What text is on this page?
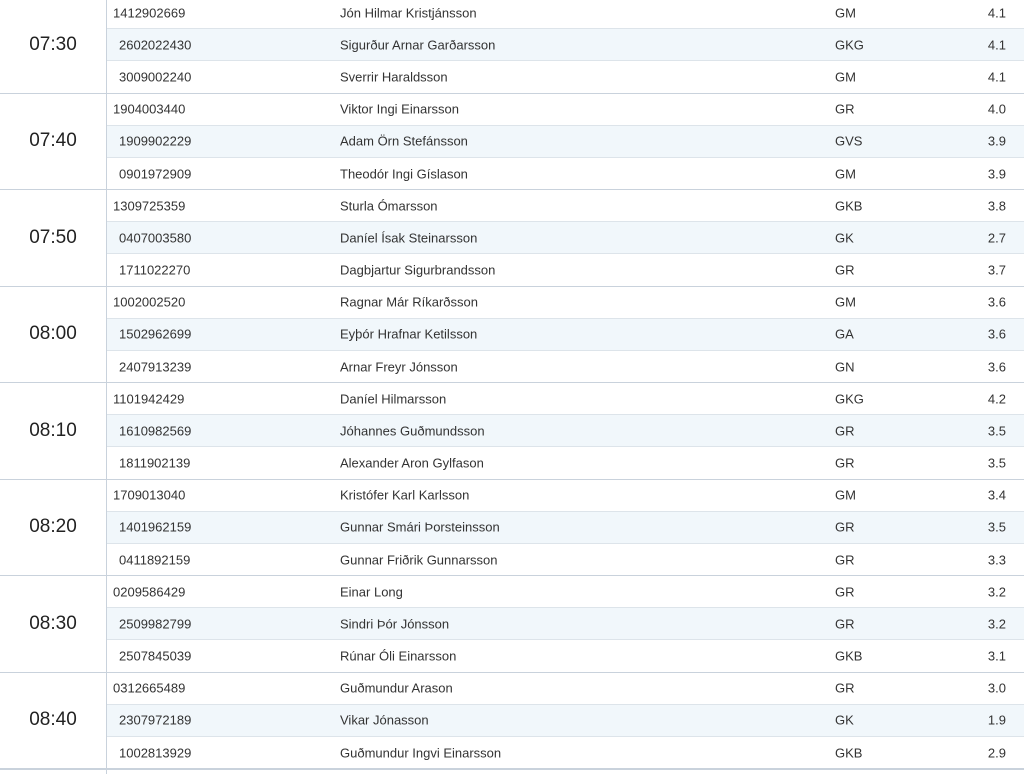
07:30
1412902669	Jón Hilmar Kristjánsson	GM	4.1
2602022430	Sigurður Arnar Garðarsson	GKG	4.1
3009002240	Sverrir Haraldsson	GM	4.1
07:40
1904003440	Viktor Ingi Einarsson	GR	4.0
1909902229	Adam Örn Stefánsson	GVS	3.9
0901972909	Theodór Ingi Gíslason	GM	3.9
07:50
1309725359	Sturla Ómarsson	GKB	3.8
0407003580	Daníel Ísak Steinarsson	GK	2.7
1711022270	Dagbjartur Sigurbrandsson	GR	3.7
08:00
1002002520	Ragnar Már Ríkarðsson	GM	3.6
1502962699	Eyþór Hrafnar Ketilsson	GA	3.6
2407913239	Arnar Freyr Jónsson	GN	3.6
08:10
1101942429	Daníel Hilmarsson	GKG	4.2
1610982569	Jóhannes Guðmundsson	GR	3.5
1811902139	Alexander Aron Gylfason	GR	3.5
08:20
1709013040	Kristófer Karl Karlsson	GM	3.4
1401962159	Gunnar Smári Þorsteinsson	GR	3.5
0411892159	Gunnar Friðrik Gunnarsson	GR	3.3
08:30
0209586429	Einar Long	GR	3.2
2509982799	Sindri Þór Jónsson	GR	3.2
2507845039	Rúnar Óli Einarsson	GKB	3.1
08:40
0312665489	Guðmundur Arason	GR	3.0
2307972189	Vikar Jónasson	GK	1.9
1002813929	Guðmundur Ingvi Einarsson	GKB	2.9
